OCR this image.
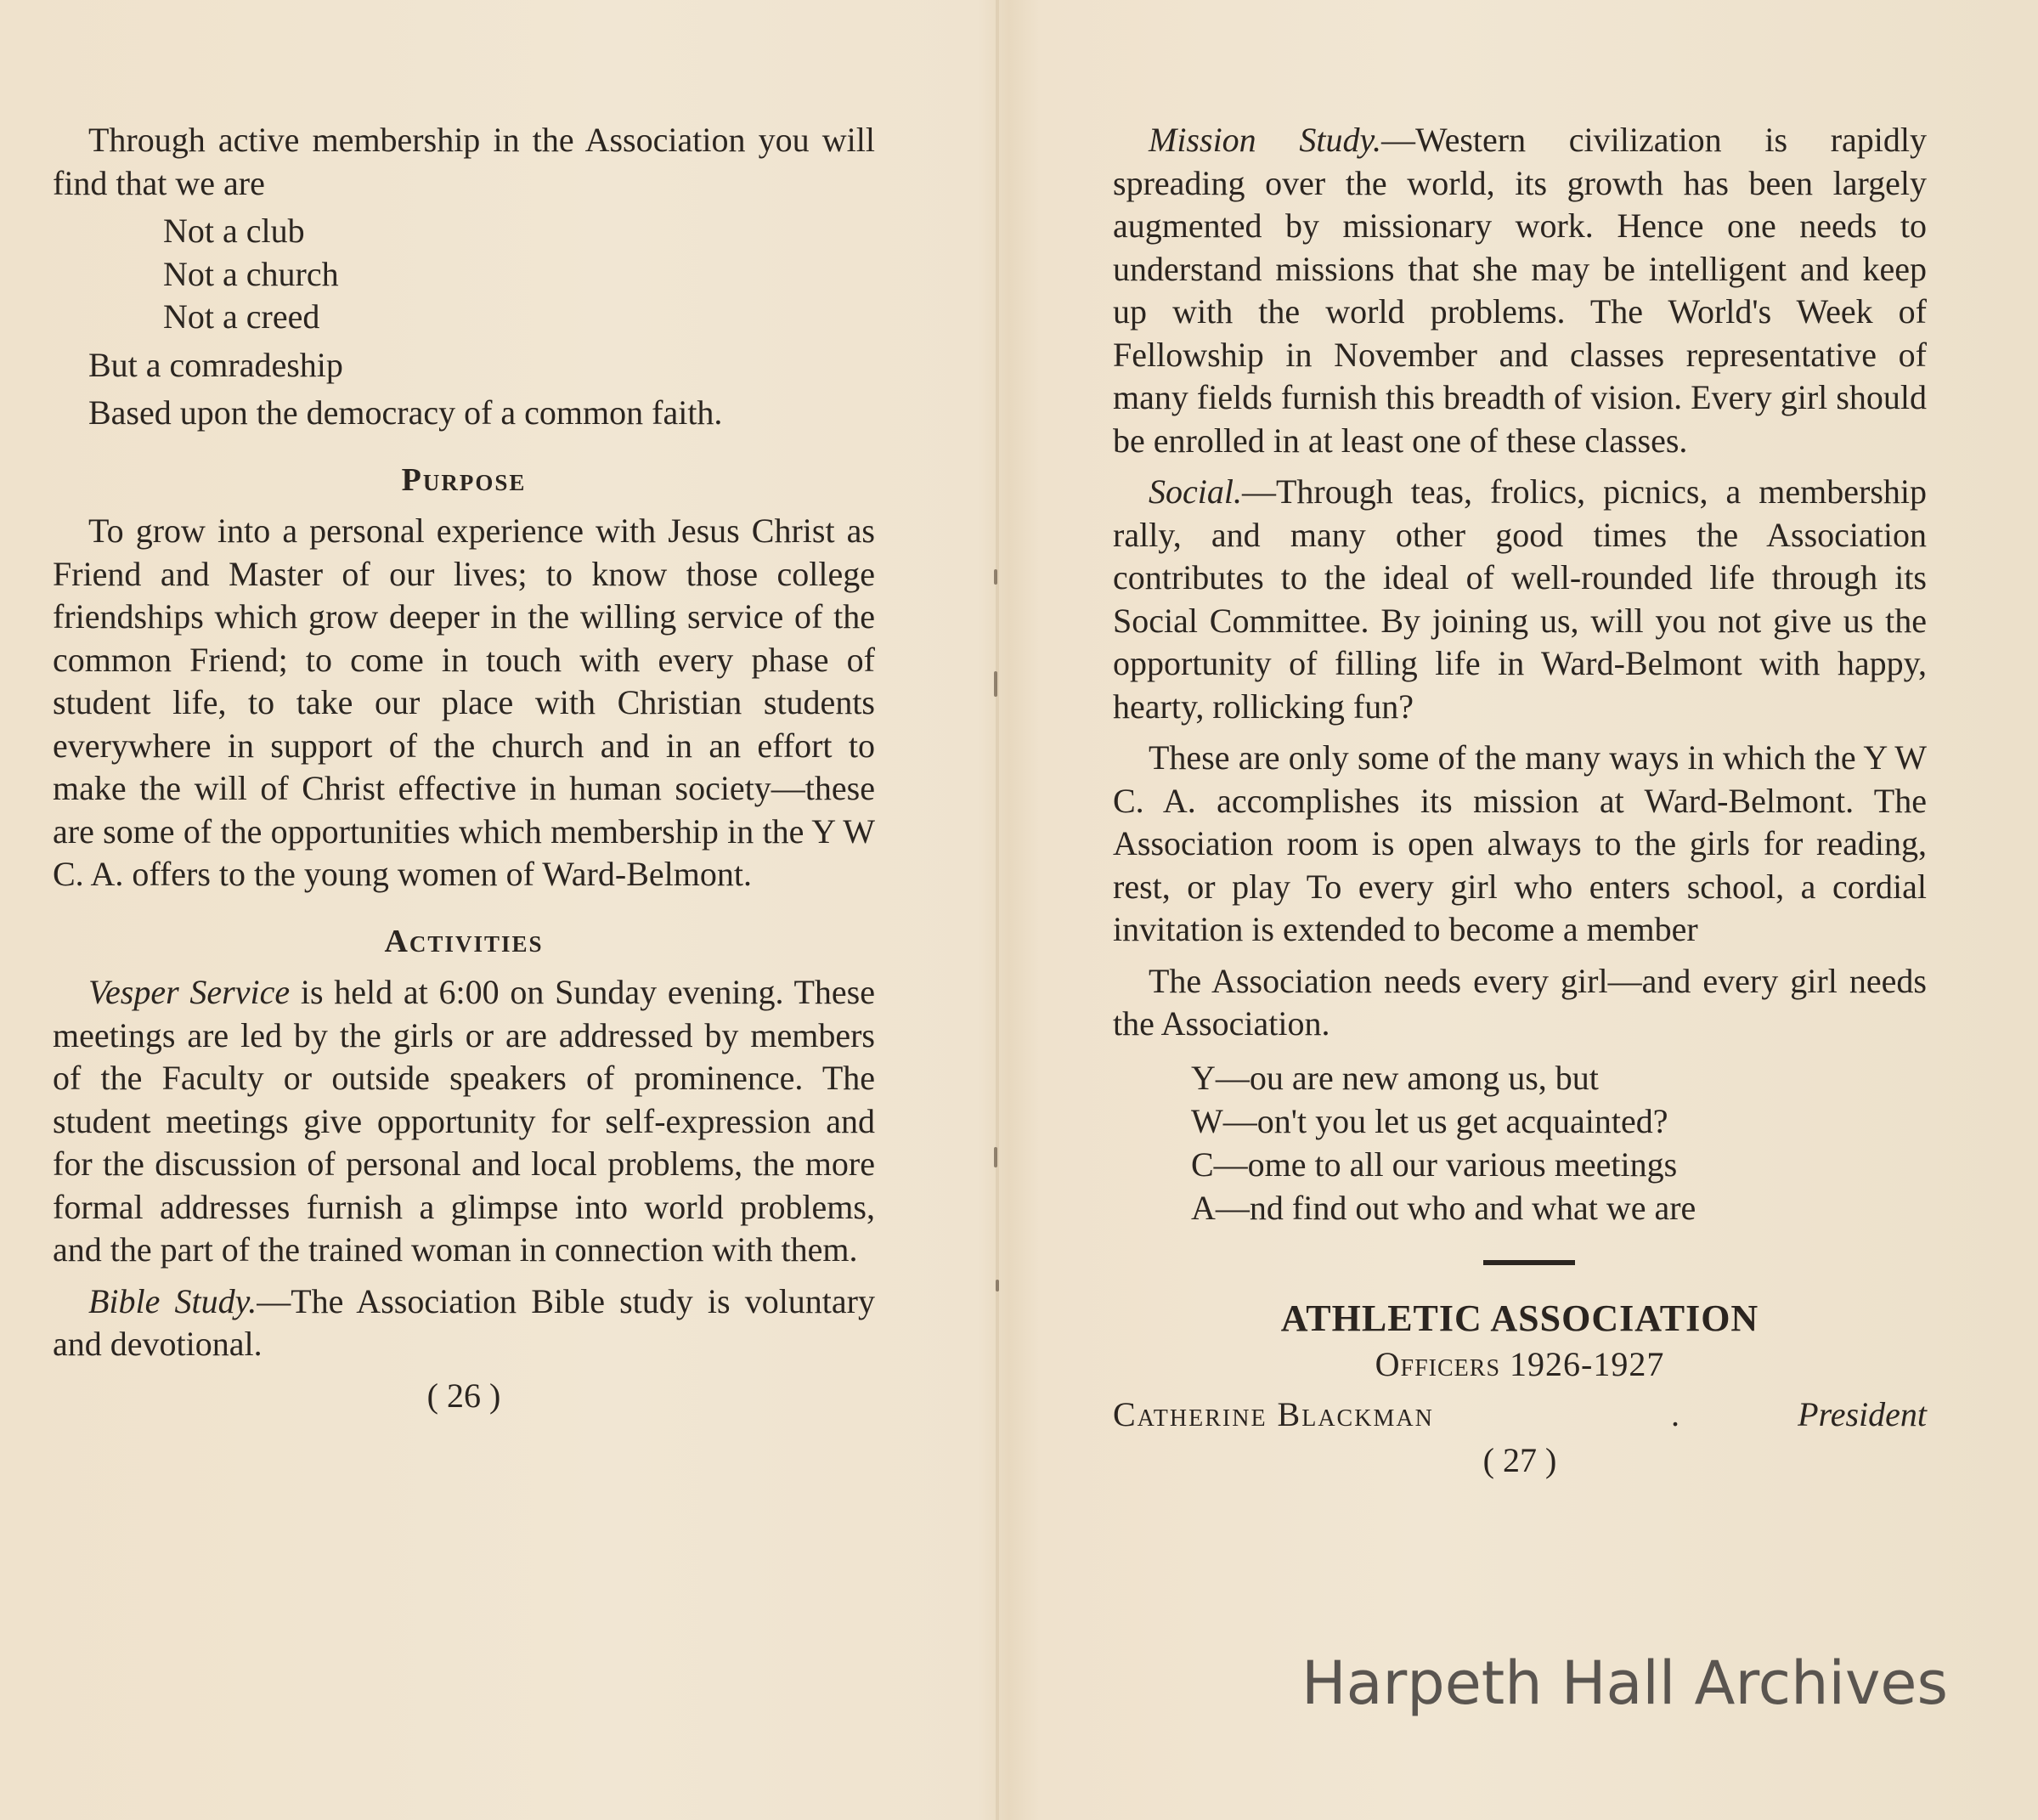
Through active membership in the Association you will find that we are

Not a club
Not a church
Not a creed

But a comradeship

Based upon the democracy of a common faith.

Purpose

To grow into a personal experience with Jesus Christ as Friend and Master of our lives; to know those college friendships which grow deeper in the willing service of the common Friend; to come in touch with every phase of student life, to take our place with Christian students everywhere in support of the church and in an effort to make the will of Christ effective in human society—these are some of the opportunities which membership in the Y W C. A. offers to the young women of Ward-Belmont.

Activities

Vesper Service is held at 6:00 on Sunday evening. These meetings are led by the girls or are addressed by members of the Faculty or outside speakers of prominence. The student meetings give opportunity for self-expression and for the discussion of personal and local problems, the more formal addresses furnish a glimpse into world problems, and the part of the trained woman in connection with them.

Bible Study.—The Association Bible study is voluntary and devotional.

( 26 )

Mission Study.—Western civilization is rapidly spreading over the world, its growth has been largely augmented by missionary work. Hence one needs to understand missions that she may be intelligent and keep up with the world problems. The World's Week of Fellowship in November and classes representative of many fields furnish this breadth of vision. Every girl should be enrolled in at least one of these classes.

Social.—Through teas, frolics, picnics, a membership rally, and many other good times the Association contributes to the ideal of well-rounded life through its Social Committee. By joining us, will you not give us the opportunity of filling life in Ward-Belmont with happy, hearty, rollicking fun?

These are only some of the many ways in which the Y W C. A. accomplishes its mission at Ward-Belmont. The Association room is open always to the girls for reading, rest, or play To every girl who enters school, a cordial invitation is extended to become a member

The Association needs every girl—and every girl needs the Association.

Y—ou are new among us, but
W—on't you let us get acquainted?
C—ome to all our various meetings
A—nd find out who and what we are
ATHLETIC ASSOCIATION
Officers 1926-1927
Catherine Blackman	.	President
( 27 )
Harpeth Hall Archives
